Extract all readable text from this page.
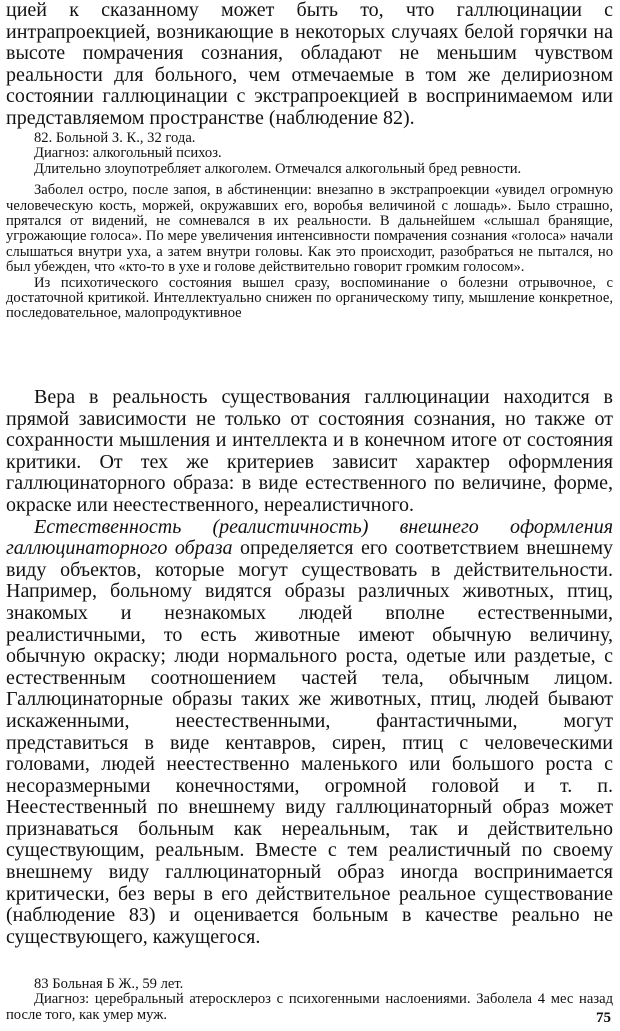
цией к сказанному может быть то, что галлюцинации с интрапроекцией, возникающие в некоторых случаях белой горячки на высоте помрачения сознания, обладают не меньшим чувством реальности для больного, чем отмечаемые в том же делириозном состоянии галлюцинации с экстрапроекцией в воспринимаемом или представляемом пространстве (наблюдение 82).

82. Больной З. К., 32 года.
Диагноз: алкогольный психоз.

Длительно злоупотребляет алкоголем. Отмечался алкогольный бред ревности.

Заболел остро, после запоя, в абстиненции: внезапно в экстрапроекции «увидел огромную человеческую кость, моржей, окружавших его, воробья величиной с лошадь». Было страшно, прятался от видений, не сомневался в их реальности. В дальнейшем «слышал бранящие, угрожающие голоса». По мере увеличения интенсивности помрачения сознания «голоса» начали слышаться внутри уха, а затем внутри головы. Как это происходит, разобраться не пытался, но был убежден, что «кто-то в ухе и голове действительно говорит громким голосом».

Из психотического состояния вышел сразу, воспоминание о болезни отрывочное, с достаточной критикой. Интеллектуально снижен по органическому типу, мышление конкретное, последовательное, малопродуктивное

Вера в реальность существования галлюцинации находится в прямой зависимости не только от состояния сознания, но также от сохранности мышления и интеллекта и в конечном итоге от состояния критики. От тех же критериев зависит характер оформления галлюцинаторного образа: в виде естественного по величине, форме, окраске или неестественного, нереалистичного.

Естественность (реалистичность) внешнего оформления галлюцинаторного образа определяется его соответствием внешнему виду объектов, которые могут существовать в действительности. Например, больному видятся образы различных животных, птиц, знакомых и незнакомых людей вполне естественными, реалистичными, то есть животные имеют обычную величину, обычную окраску; люди нормального роста, одетые или раздетые, с естественным соотношением частей тела, обычным лицом. Галлюцинаторные образы таких же животных, птиц, людей бывают искаженными, неестественными, фантастичными, могут представиться в виде кентавров, сирен, птиц с человеческими головами, людей неестественно маленького или большого роста с несоразмерными конечностями, огромной головой и т. п. Неестественный по внешнему виду галлюцинаторный образ может признаваться больным как нереальным, так и действительно существующим, реальным. Вместе с тем реалистичный по своему внешнему виду галлюцинаторный образ иногда воспринимается критически, без веры в его действительное реальное существование (наблюдение 83) и оценивается больным в качестве реально не существующего, кажущегося.

83 Больная Б Ж., 59 лет.

Диагноз: церебральный атеросклероз с психогенными наслоениями. Заболела 4 мес назад после того, как умер муж.	75
